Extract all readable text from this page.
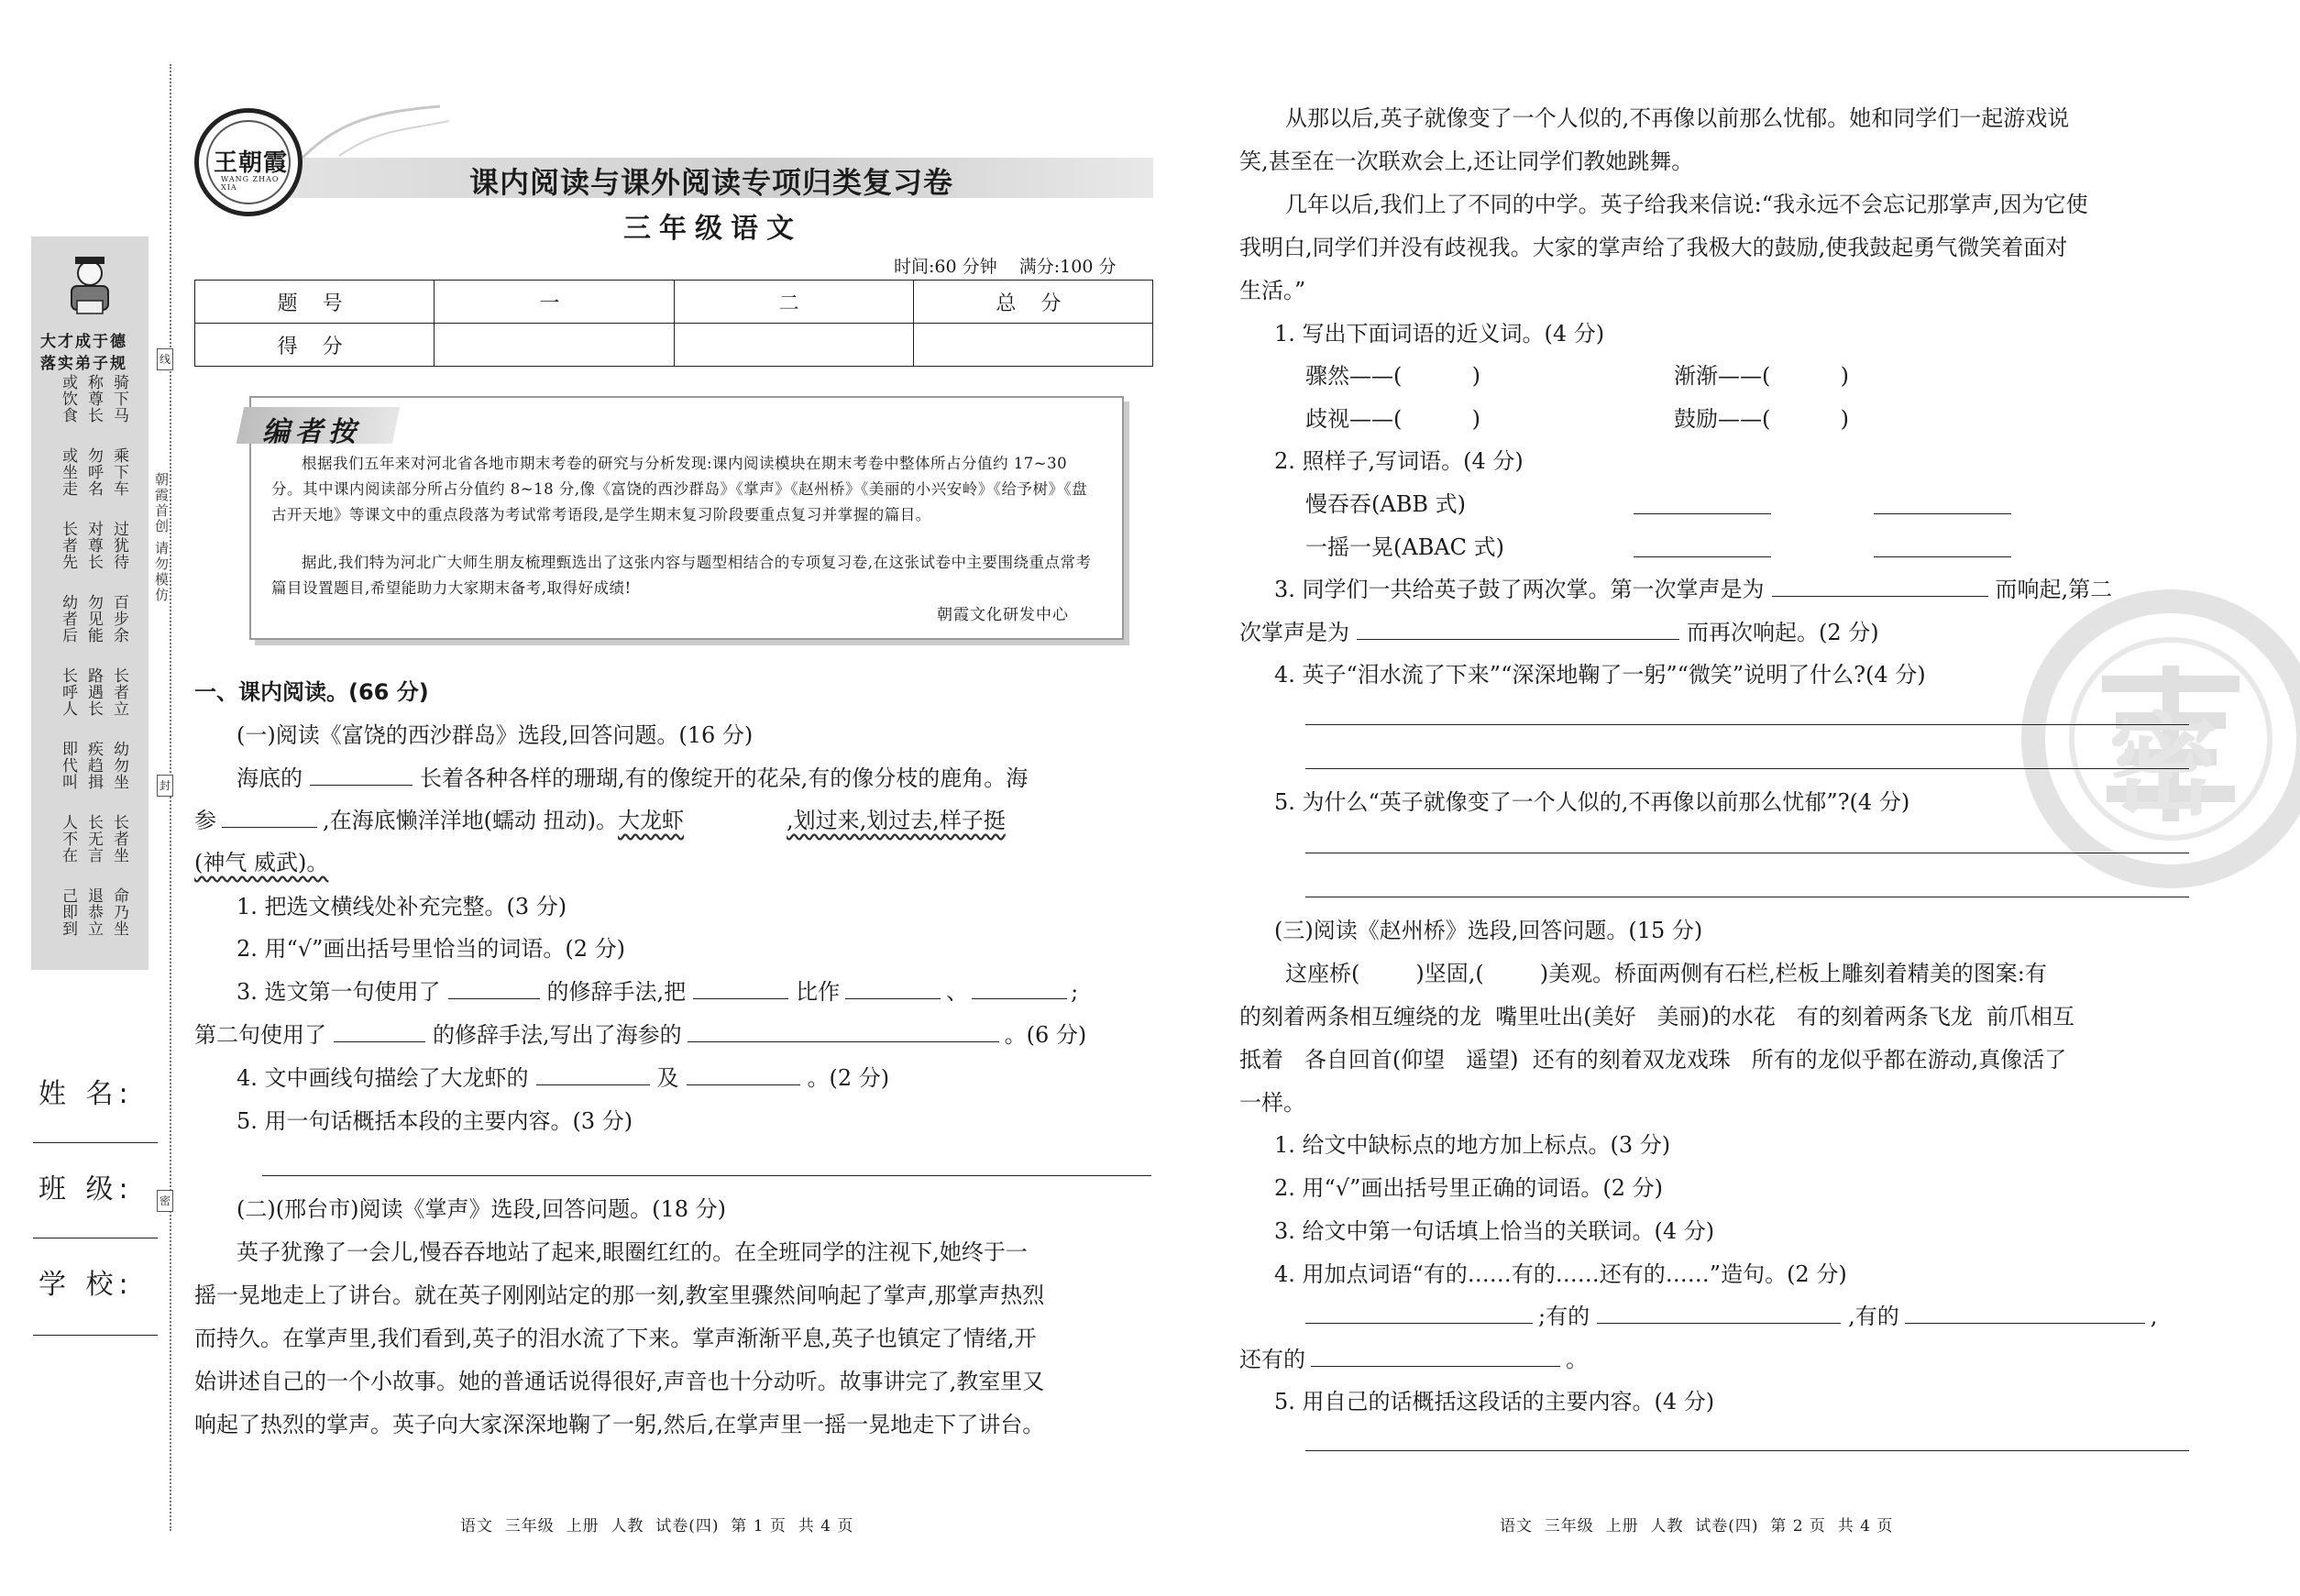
线
封
密
朝霞首创 请勿模仿
大才成于德
落实弟子规
骑下马
称尊长
或饮食
乘下车
勿呼名
或坐走
过犹待
对尊长
长者先
百步余
勿见能
幼者后
长者立
路遇长
长呼人
幼勿坐
疾趋揖
即代叫
长者坐
长无言
人不在
命乃坐
退恭立
己即到
姓 名:
班 级:
学 校:
王朝霞
WANG ZHAO XIA	课内阅读与课外阅读专项归类复习卷
三年级语文
时间:60 分钟    满分:100 分
题 号	一	二	总 分
得 分			
编者按
根据我们五年来对河北省各地市期末考卷的研究与分析发现:课内阅读模块在期末考卷中整体所占分值约 17~30 分。其中课内阅读部分所占分值约 8~18 分,像《富饶的西沙群岛》《掌声》《赵州桥》《美丽的小兴安岭》《给予树》《盘古开天地》等课文中的重点段落为考试常考语段,是学生期末复习阶段要重点复习并掌握的篇目。
据此,我们特为河北广大师生朋友梳理甄选出了这张内容与题型相结合的专项复习卷,在这张试卷中主要围绕重点常考篇目设置题目,希望能助力大家期末备考,取得好成绩!
朝霞文化研发中心
一、课内阅读。(66 分)
(一)阅读《富饶的西沙群岛》选段,回答问题。(16 分)
海底的	长着各种各样的珊瑚,有的像绽开的花朵,有的像分枝的鹿角。海
参	,在海底懒洋洋地(蠕动 扭动)。大龙虾	,划过来,划过去,样子挺
(神气 威武)。
1. 把选文横线处补充完整。(3 分)
2. 用“√”画出括号里恰当的词语。(2 分)
3. 选文第一句使用了	的修辞手法,把	比作	、	;
第二句使用了	的修辞手法,写出了海参的	。(6 分)
4. 文中画线句描绘了大龙虾的	及	。(2 分)
5. 用一句话概括本段的主要内容。(3 分)
(二)(邢台市)阅读《掌声》选段,回答问题。(18 分)
英子犹豫了一会儿,慢吞吞地站了起来,眼圈红红的。在全班同学的注视下,她终于一
摇一晃地走上了讲台。就在英子刚刚站定的那一刻,教室里骤然间响起了掌声,那掌声热烈
而持久。在掌声里,我们看到,英子的泪水流了下来。掌声渐渐平息,英子也镇定了情绪,开
始讲述自己的一个小故事。她的普通话说得很好,声音也十分动听。故事讲完了,教室里又
响起了热烈的掌声。英子向大家深深地鞠了一躬,然后,在掌声里一摇一晃地走下了讲台。
语文  三年级  上册  人教  试卷(四)  第 1 页  共 4 页
密
从那以后,英子就像变了一个人似的,不再像以前那么忧郁。她和同学们一起游戏说
笑,甚至在一次联欢会上,还让同学们教她跳舞。
几年以后,我们上了不同的中学。英子给我来信说:“我永远不会忘记那掌声,因为它使
我明白,同学们并没有歧视我。大家的掌声给了我极大的鼓励,使我鼓起勇气微笑着面对
生活。”
1. 写出下面词语的近义词。(4 分)
骤然——(          )	渐渐——(          )
歧视——(          )	鼓励——(          )
2. 照样子,写词语。(4 分)
慢吞吞(ABB 式)
一摇一晃(ABAC 式)
3. 同学们一共给英子鼓了两次掌。第一次掌声是为	而响起,第二
次掌声是为	而再次响起。(2 分)
4. 英子“泪水流了下来”“深深地鞠了一躬”“微笑”说明了什么?(4 分)
5. 为什么“英子就像变了一个人似的,不再像以前那么忧郁”?(4 分)
(三)阅读《赵州桥》选段,回答问题。(15 分)
这座桥(        )坚固,(        )美观。桥面两侧有石栏,栏板上雕刻着精美的图案:有
的刻着两条相互缠绕的龙  嘴里吐出(美好   美丽)的水花   有的刻着两条飞龙  前爪相互
抵着   各自回首(仰望   遥望)  还有的刻着双龙戏珠   所有的龙似乎都在游动,真像活了
一样。
1. 给文中缺标点的地方加上标点。(3 分)
2. 用“√”画出括号里正确的词语。(2 分)
3. 给文中第一句话填上恰当的关联词。(4 分)
4. 用加点词语“有的……有的……还有的……”造句。(2 分)
;有的	,有的	,
还有的	。
5. 用自己的话概括这段话的主要内容。(4 分)
语文  三年级  上册  人教  试卷(四)  第 2 页  共 4 页
